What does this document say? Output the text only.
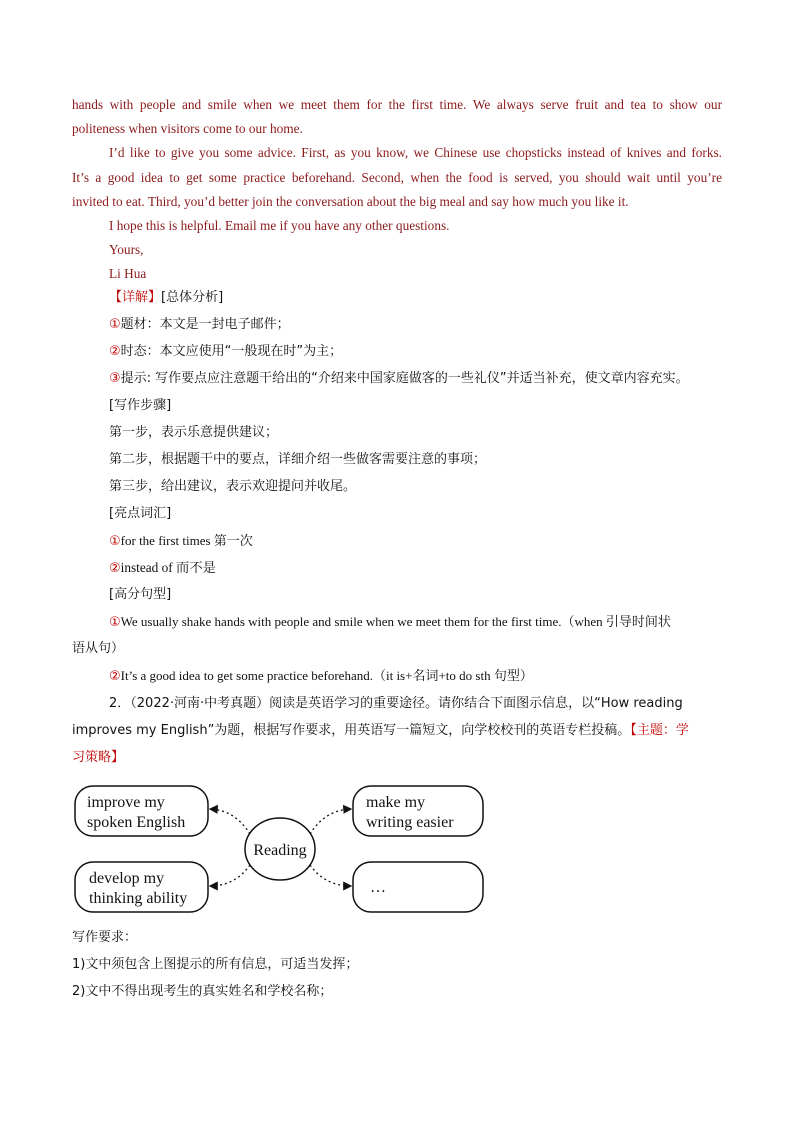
hands with people and smile when we meet them for the first time. We always serve fruit and tea to show our
politeness when visitors come to our home.
I’d like to give you some advice. First, as you know, we Chinese use chopsticks instead of knives and forks.
It’s a good idea to get some practice beforehand. Second, when the food is served, you should wait until you’re
invited to eat. Third, you’d better join the conversation about the big meal and say how much you like it.
I hope this is helpful. Email me if you have any other questions.
Yours,
Li Hua
【详解】[总体分析]
①题材：本文是一封电子邮件；
②时态：本文应使用“一般现在时”为主；
③提示: 写作要点应注意题干给出的“介绍来中国家庭做客的一些礼仪”并适当补充，使文章内容充实。
[写作步骤]
第一步，表示乐意提供建议；
第二步，根据题干中的要点，详细介绍一些做客需要注意的事项；
第三步，给出建议，表示欢迎提问并收尾。
[亮点词汇]
①for the first times 第一次
②instead of 而不是
[高分句型]
①We usually shake hands with people and smile when we meet them for the first time.（when 引导时间状
语从句）
②It’s a good idea to get some practice beforehand.（it is+名词+to do sth 句型）
2．（2022·河南·中考真题）阅读是英语学习的重要途径。请你结合下面图示信息，以“How reading
improves my English”为题，根据写作要求，用英语写一篇短文，向学校校刊的英语专栏投稿。【主题：学
习策略】
Reading
improve my
spoken English
make my
writing easier
develop my
thinking ability
…
写作要求：
1)文中须包含上图提示的所有信息，可适当发挥；
2)文中不得出现考生的真实姓名和学校名称；
